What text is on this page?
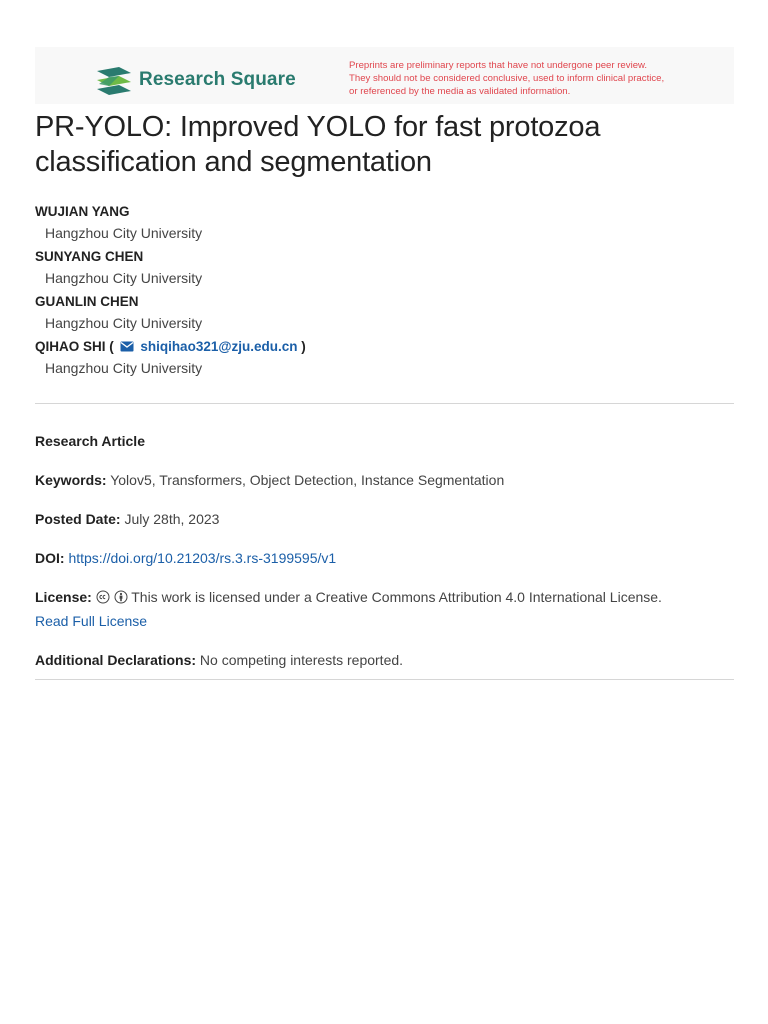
Research Square
Preprints are preliminary reports that have not undergone peer review.
They should not be considered conclusive, used to inform clinical practice,
or referenced by the media as validated information.
PR-YOLO: Improved YOLO for fast protozoa classification and segmentation
WUJIAN YANG
Hangzhou City University
SUNYANG CHEN
Hangzhou City University
GUANLIN CHEN
Hangzhou City University
QIHAO SHI ( shiqihao321@zju.edu.cn )
Hangzhou City University
Research Article
Keywords: Yolov5, Transformers, Object Detection, Instance Segmentation
Posted Date: July 28th, 2023
DOI: https://doi.org/10.21203/rs.3.rs-3199595/v1
License:	This work is licensed under a Creative Commons Attribution 4.0 International License.
Read Full License
Additional Declarations: No competing interests reported.
